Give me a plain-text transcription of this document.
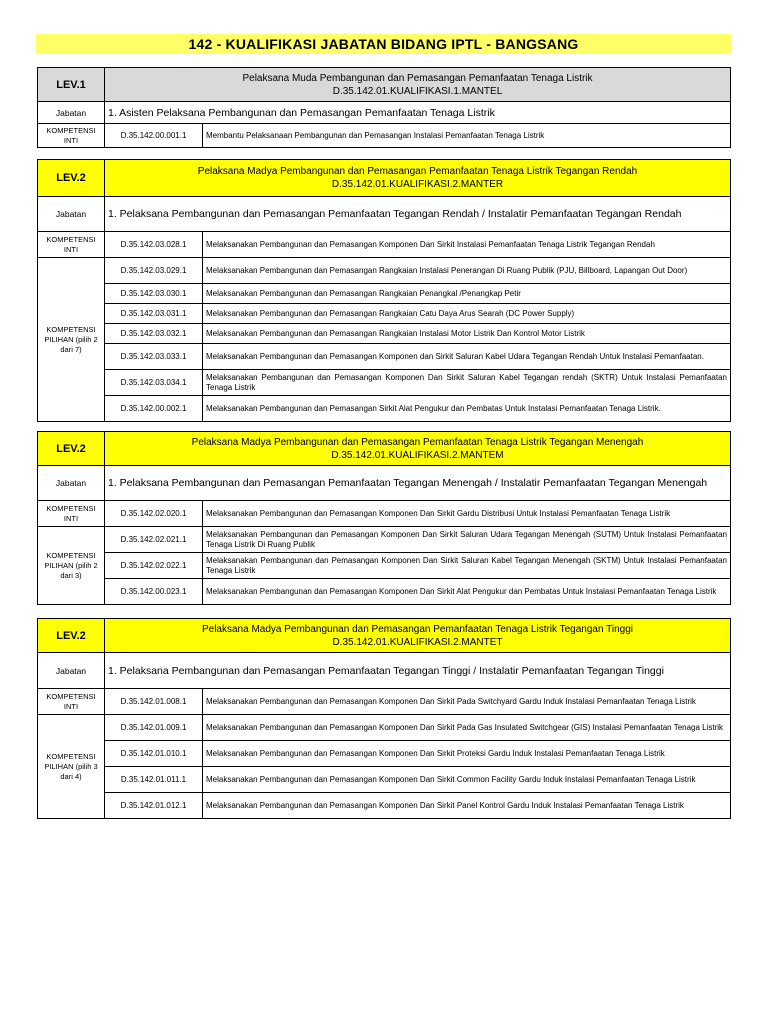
142 - KUALIFIKASI JABATAN BIDANG IPTL - BANGSANG
LEV.1	Pelaksana Muda Pembangunan dan Pemasangan Pemanfaatan Tenaga Listrik
D.35.142.01.KUALIFIKASI.1.MANTEL	

Jabatan	1. Asisten Pelaksana Pembangunan dan Pemasangan Pemanfaatan Tenaga Listrik	
KOMPETENSI INTI	D.35.142.00.001.1	Membantu Pelaksanaan Pembangunan dan Pemasangan Instalasi Pemanfaatan Tenaga Listrik
LEV.2	Pelaksana Madya Pembangunan dan Pemasangan Pemanfaatan Tenaga Listrik Tegangan Rendah
D.35.142.01.KUALIFIKASI.2.MANTER	

Jabatan	1. Pelaksana Pembangunan dan Pemasangan Pemanfaatan Tegangan Rendah / Instalatir Pemanfaatan Tegangan Rendah	
KOMPETENSI INTI	D.35.142.03.028.1	Melaksanakan Pembangunan dan Pemasangan Komponen Dan Sirkit Instalasi Pemanfaatan Tenaga Listrik Tegangan Rendah
KOMPETENSI PILIHAN (pilih 2 dari 7)	D.35.142.03.029.1	Melaksanakan Pembangunan dan Pemasangan Rangkaian Instalasi Penerangan Di Ruang Publik (PJU, Billboard, Lapangan Out Door)
	D.35.142.03.030.1	Melaksanakan Pembangunan dan Pemasangan Rangkaian Penangkal /Penangkap Petir
	D.35.142.03.031.1	Melaksanakan Pembangunan dan Pemasangan Rangkaian Catu Daya Arus Searah (DC Power Supply)
	D.35.142.03.032.1	Melaksanakan Pembangunan dan Pemasangan Rangkaian Instalasi Motor Listrik Dan Kontrol Motor Listrik
	D.35.142.03.033.1	Melaksanakan Pembangunan dan Pemasangan Komponen dan Sirkit Saluran Kabel Udara Tegangan Rendah Untuk Instalasi Pemanfaatan.
	D.35.142.03.034.1	Melaksanakan Pembangunan dan Pemasangan Komponen Dan Sirkit Saluran Kabel Tegangan rendah (SKTR) Untuk Instalasi Pemanfaatan Tenaga Listrik
	D.35.142.00.002.1	Melaksanakan Pembangunan dan Pemasangan Sirkit Alat Pengukur dan Pembatas Untuk Instalasi Pemanfaatan Tenaga Listrik.
LEV.2	Pelaksana Madya Pembangunan dan Pemasangan Pemanfaatan Tenaga Listrik Tegangan Menengah
D.35.142.01.KUALIFIKASI.2.MANTEM	

Jabatan	1. Pelaksana Pembangunan dan Pemasangan Pemanfaatan Tegangan Menengah / Instalatir Pemanfaatan Tegangan Menengah	
KOMPETENSI INTI	D.35.142.02.020.1	Melaksanakan Pembangunan dan Pemasangan Komponen Dan Sirkit Gardu Distribusi Untuk Instalasi Pemanfaatan Tenaga Listrik
KOMPETENSI PILIHAN (pilih 2 dari 3)	D.35.142.02.021.1	Melaksanakan Pembangunan dan Pemasangan Komponen Dan Sirkit Saluran Udara Tegangan Menengah (SUTM) Untuk Instalasi Pemanfaatan Tenaga Listrik Di Ruang Publik
	D.35.142.02.022.1	Melaksanakan Pembangunan dan Pemasangan Komponen Dan Sirkit Saluran Kabel Tegangan Menengah (SKTM) Untuk Instalasi Pemanfaatan Tenaga Listrik
	D.35.142.00.023.1	Melaksanakan Pembangunan dan Pemasangan Komponen Dan Sirkit Alat Pengukur dan Pembatas Untuk Instalasi Pemanfaatan Tenaga Listrik
LEV.2	Pelaksana Madya Pembangunan dan Pemasangan Pemanfaatan Tenaga Listrik Tegangan Tinggi
D.35.142.01.KUALIFIKASI.2.MANTET	

Jabatan	1. Pelaksana Pembangunan dan Pemasangan Pemanfaatan Tegangan Tinggi / Instalatir Pemanfaatan Tegangan Tinggi	
KOMPETENSI INTI	D.35.142.01.008.1	Melaksanakan Pembangunan dan Pemasangan Komponen Dan Sirkit Pada Switchyard Gardu Induk Instalasi Pemanfaatan Tenaga Listrik
KOMPETENSI PILIHAN (pilih 3 dari 4)	D.35.142.01.009.1	Melaksanakan Pembangunan dan Pemasangan Komponen Dan Sirkit Pada Gas Insulated Switchgear (GIS) Instalasi Pemanfaatan Tenaga Listrik
	D.35.142.01.010.1	Melaksanakan Pembangunan dan Pemasangan Komponen Dan Sirkit Proteksi Gardu Induk Instalasi Pemanfaatan Tenaga Listrik
	D.35.142.01.011.1	Melaksanakan Pembangunan dan Pemasangan Komponen Dan Sirkit Common Facility Gardu Induk Instalasi Pemanfaatan Tenaga Listrik
	D.35.142.01.012.1	Melaksanakan Pembangunan dan Pemasangan Komponen Dan Sirkit Panel Kontrol Gardu Induk Instalasi Pemanfaatan Tenaga Listrik
